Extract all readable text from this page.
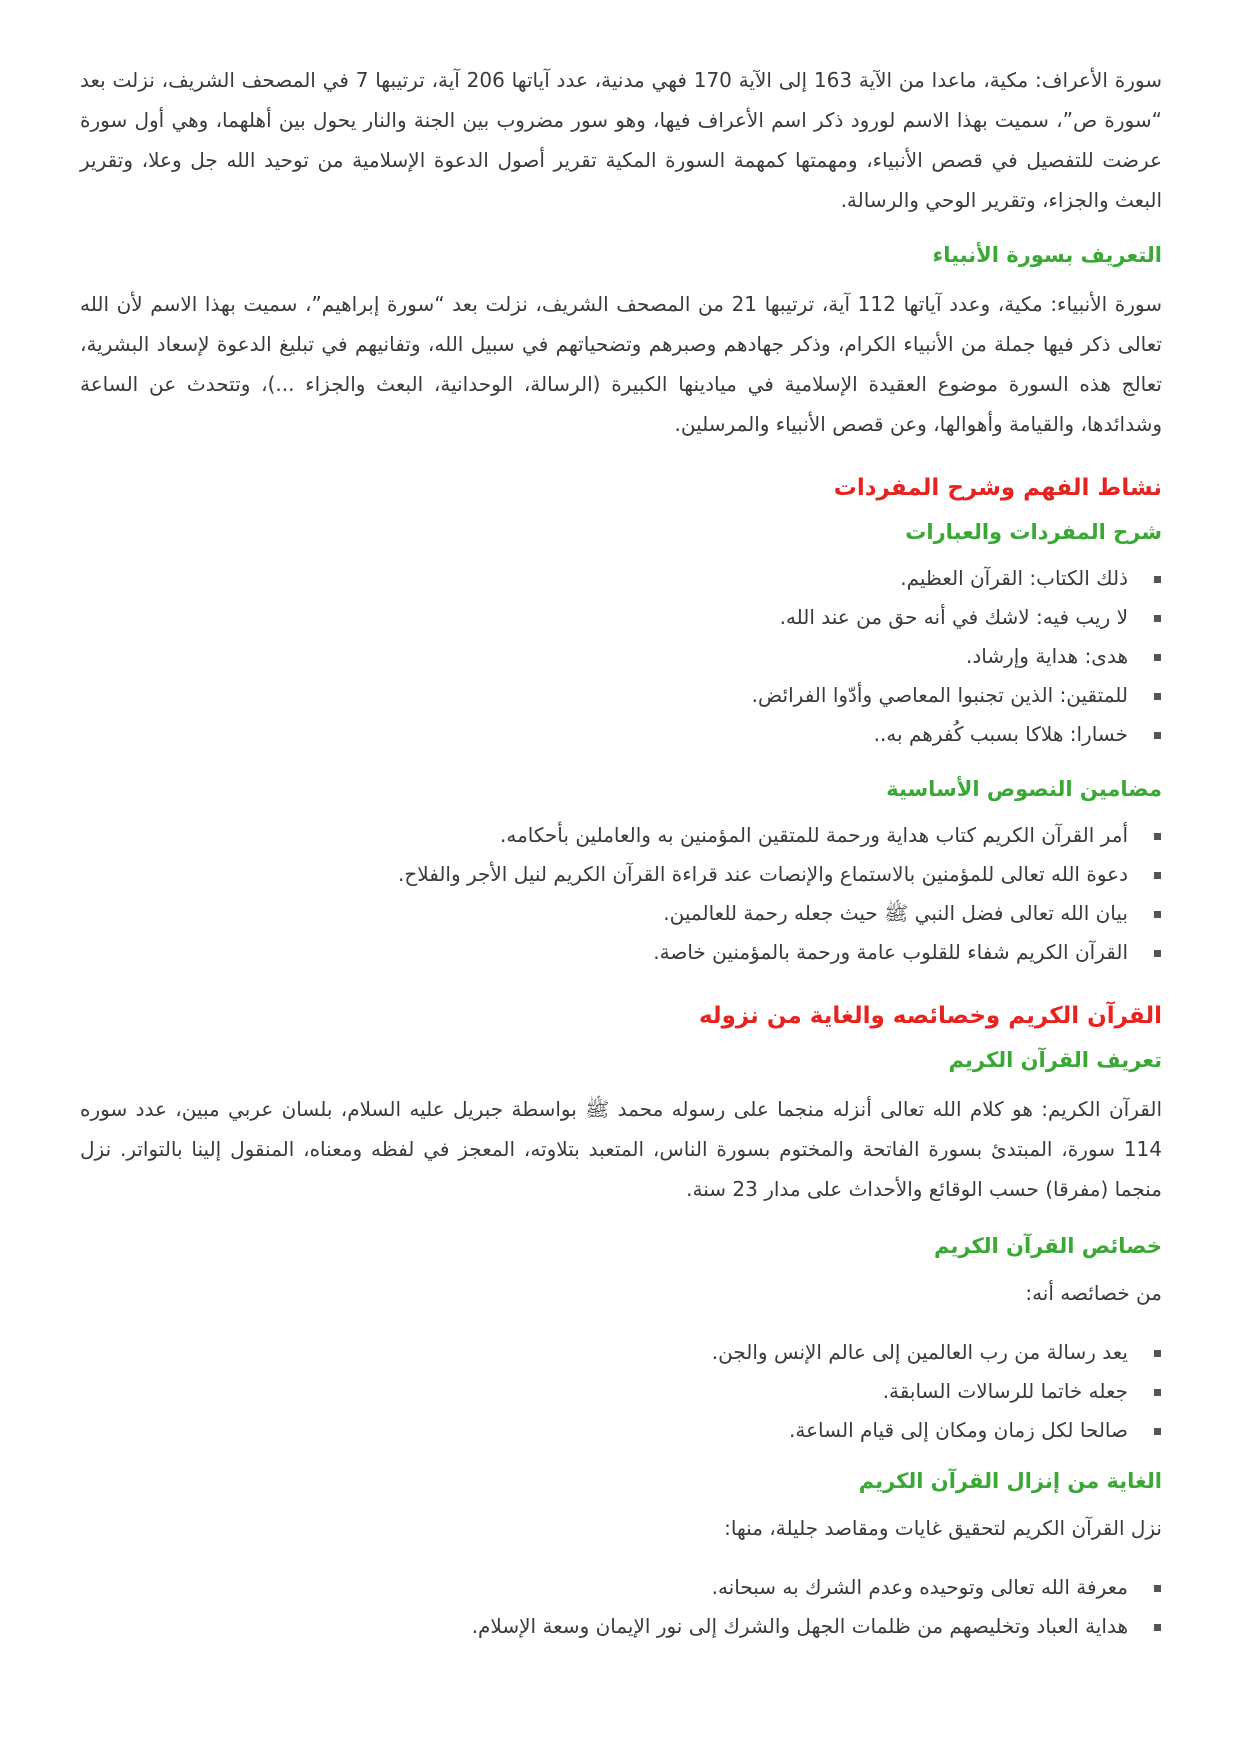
سورة الأعراف: مكية، ماعدا من الآية 163 إلى الآية 170 فهي مدنية، عدد آياتها 206 آية، ترتيبها 7 في المصحف الشريف، نزلت بعد “سورة ص”، سميت بهذا الاسم لورود ذكر اسم الأعراف فيها، وهو سور مضروب بين الجنة والنار يحول بين أهلهما، وهي أول سورة عرضت للتفصيل في قصص الأنبياء، ومهمتها كمهمة السورة المكية تقرير أصول الدعوة الإسلامية من توحيد الله جل وعلا، وتقرير البعث والجزاء، وتقرير الوحي والرسالة.

التعريف بسورة الأنبياء

سورة الأنبياء: مكية، وعدد آياتها 112 آية، ترتيبها 21 من المصحف الشريف، نزلت بعد “سورة إبراهيم”، سميت بهذا الاسم لأن الله تعالى ذكر فيها جملة من الأنبياء الكرام، وذكر جهادهم وصبرهم وتضحياتهم في سبيل الله، وتفانيهم في تبليغ الدعوة لإسعاد البشرية، تعالج هذه السورة موضوع العقيدة الإسلامية في ميادينها الكبيرة (الرسالة، الوحدانية، البعث والجزاء ...)، وتتحدث عن الساعة وشدائدها، والقيامة وأهوالها، وعن قصص الأنبياء والمرسلين.

نشاط الفهم وشرح المفردات
شرح المفردات والعبارات
ذلك الكتاب: القرآن العظيم.
لا ريب فيه: لاشك في أنه حق من عند الله.
هدى: هداية وإرشاد.
للمتقين: الذين تجنبوا المعاصي وأدّوا الفرائض.
خسارا: هلاكا بسبب كُفرهم به..
مضامين النصوص الأساسية
أمر القرآن الكريم كتاب هداية ورحمة للمتقين المؤمنين به والعاملين بأحكامه.
دعوة الله تعالى للمؤمنين بالاستماع والإنصات عند قراءة القرآن الكريم لنيل الأجر والفلاح.
بيان الله تعالى فضل النبي ﷺ حيث جعله رحمة للعالمين.
القرآن الكريم شفاء للقلوب عامة ورحمة بالمؤمنين خاصة.
القرآن الكريم وخصائصه والغاية من نزوله
تعريف القرآن الكريم

القرآن الكريم: هو كلام الله تعالى أنزله منجما على رسوله محمد ﷺ بواسطة جبريل عليه السلام، بلسان عربي مبين، عدد سوره 114 سورة، المبتدئ بسورة الفاتحة والمختوم بسورة الناس، المتعبد بتلاوته، المعجز في لفظه ومعناه، المنقول إلينا بالتواتر. نزل منجما (مفرقا) حسب الوقائع والأحداث على مدار 23 سنة.

خصائص القرآن الكريم

من خصائصه أنه:

يعد رسالة من رب العالمين إلى عالم الإنس والجن.
جعله خاتما للرسالات السابقة.
صالحا لكل زمان ومكان إلى قيام الساعة.
الغاية من إنزال القرآن الكريم

نزل القرآن الكريم لتحقيق غايات ومقاصد جليلة، منها:

معرفة الله تعالى وتوحيده وعدم الشرك به سبحانه.
هداية العباد وتخليصهم من ظلمات الجهل والشرك إلى نور الإيمان وسعة الإسلام.
